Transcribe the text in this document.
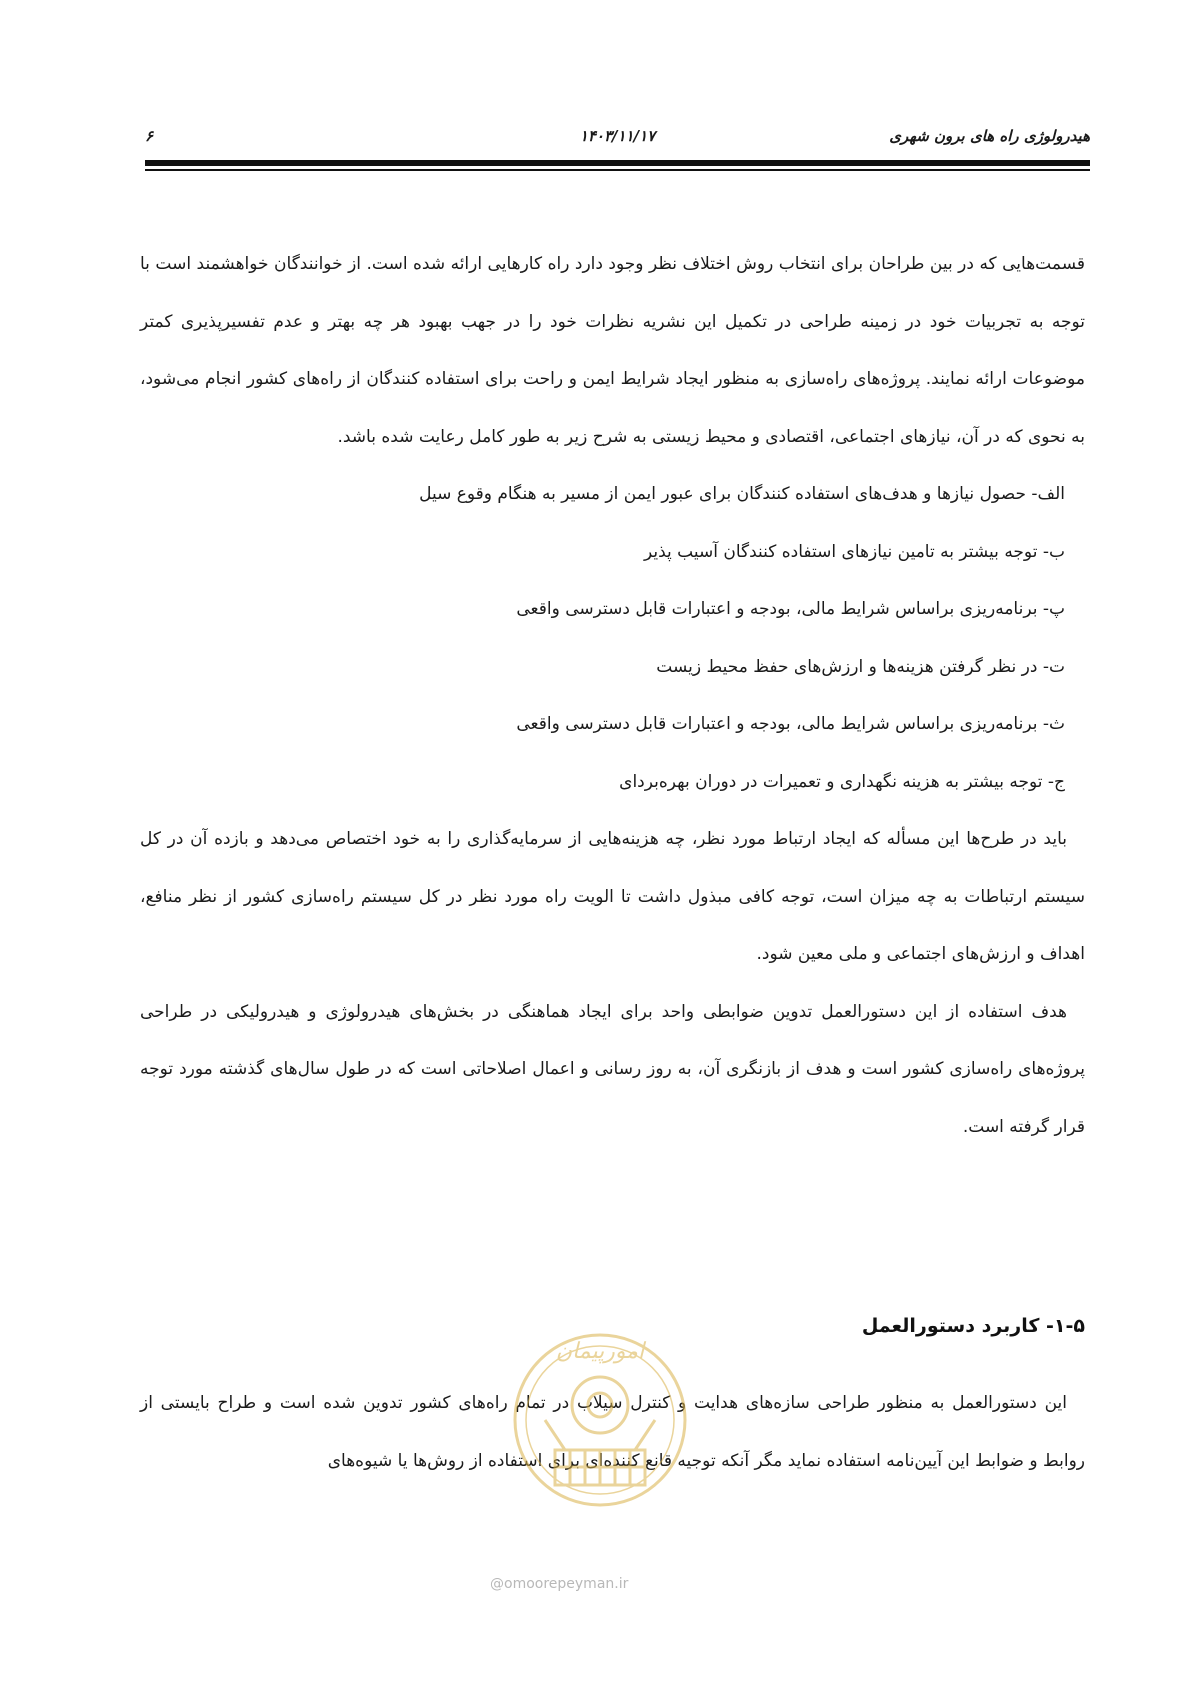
هیدرولوژی راه های برون شهری
۱۴۰۳/۱۱/۱۷
۶

قسمت‌هایی که در بین طراحان برای انتخاب روش اختلاف نظر وجود دارد راه کارهایی ارائه شده است. از خوانندگان خواهشمند است با توجه به تجربیات خود در زمینه طراحی در تکمیل این نشریه نظرات خود را در جهب بهبود هر چه بهتر و عدم تفسیرپذیری کمتر موضوعات ارائه نمایند. پروژه‌های راه‌سازی به منظور ایجاد شرایط ایمن و راحت برای استفاده کنندگان از راه‌های کشور انجام می‌شود، به نحوی که در آن، نیازهای اجتماعی، اقتصادی و محیط زیستی به شرح زیر به طور کامل رعایت شده باشد.

الف- حصول نیازها و هدف‌های استفاده کنندگان برای عبور ایمن از مسیر به هنگام وقوع سیل
ب- توجه بیشتر به تامین نیازهای استفاده کنندگان آسیب پذیر
پ- برنامه‌ریزی براساس شرایط مالی، بودجه و اعتبارات قابل دسترسی واقعی
ت- در نظر گرفتن هزینه‌ها و ارزش‌های حفظ محیط زیست
ث- برنامه‌ریزی براساس شرایط مالی، بودجه و اعتبارات قابل دسترسی واقعی
ج- توجه بیشتر به هزینه نگهداری و تعمیرات در دوران بهره‌بردای

باید در طرح‌ها این مسأله که ایجاد ارتباط مورد نظر، چه هزینه‌هایی از سرمایه‌گذاری را به خود اختصاص می‌دهد و بازده آن در کل سیستم ارتباطات به چه میزان است، توجه کافی مبذول داشت تا الویت راه مورد نظر در کل سیستم راه‌سازی کشور از نظر منافع، اهداف و ارزش‌های اجتماعی و ملی معین شود.

هدف استفاده از این دستورالعمل تدوین ضوابطی واحد برای ایجاد هماهنگی در بخش‌های هیدرولوژی و هیدرولیکی در طراحی پروژه‌های راه‌سازی کشور است و هدف از بازنگری آن، به روز رسانی و اعمال اصلاحاتی است که در طول سال‌های گذشته مورد توجه قرار گرفته است.

۱-۵- کاربرد دستورالعمل

این دستورالعمل به منظور طراحی سازه‌های هدایت و کنترل سیلاب در تمام راه‌های کشور تدوین شده است و طراح بایستی از روابط و ضوابط این آیین‌نامه استفاده نماید مگر آنکه توجیه قانع کننده‌ای برای استفاده از روش‌ها یا شیوه‌های

امورپیمان
@omoorepeyman.ir
